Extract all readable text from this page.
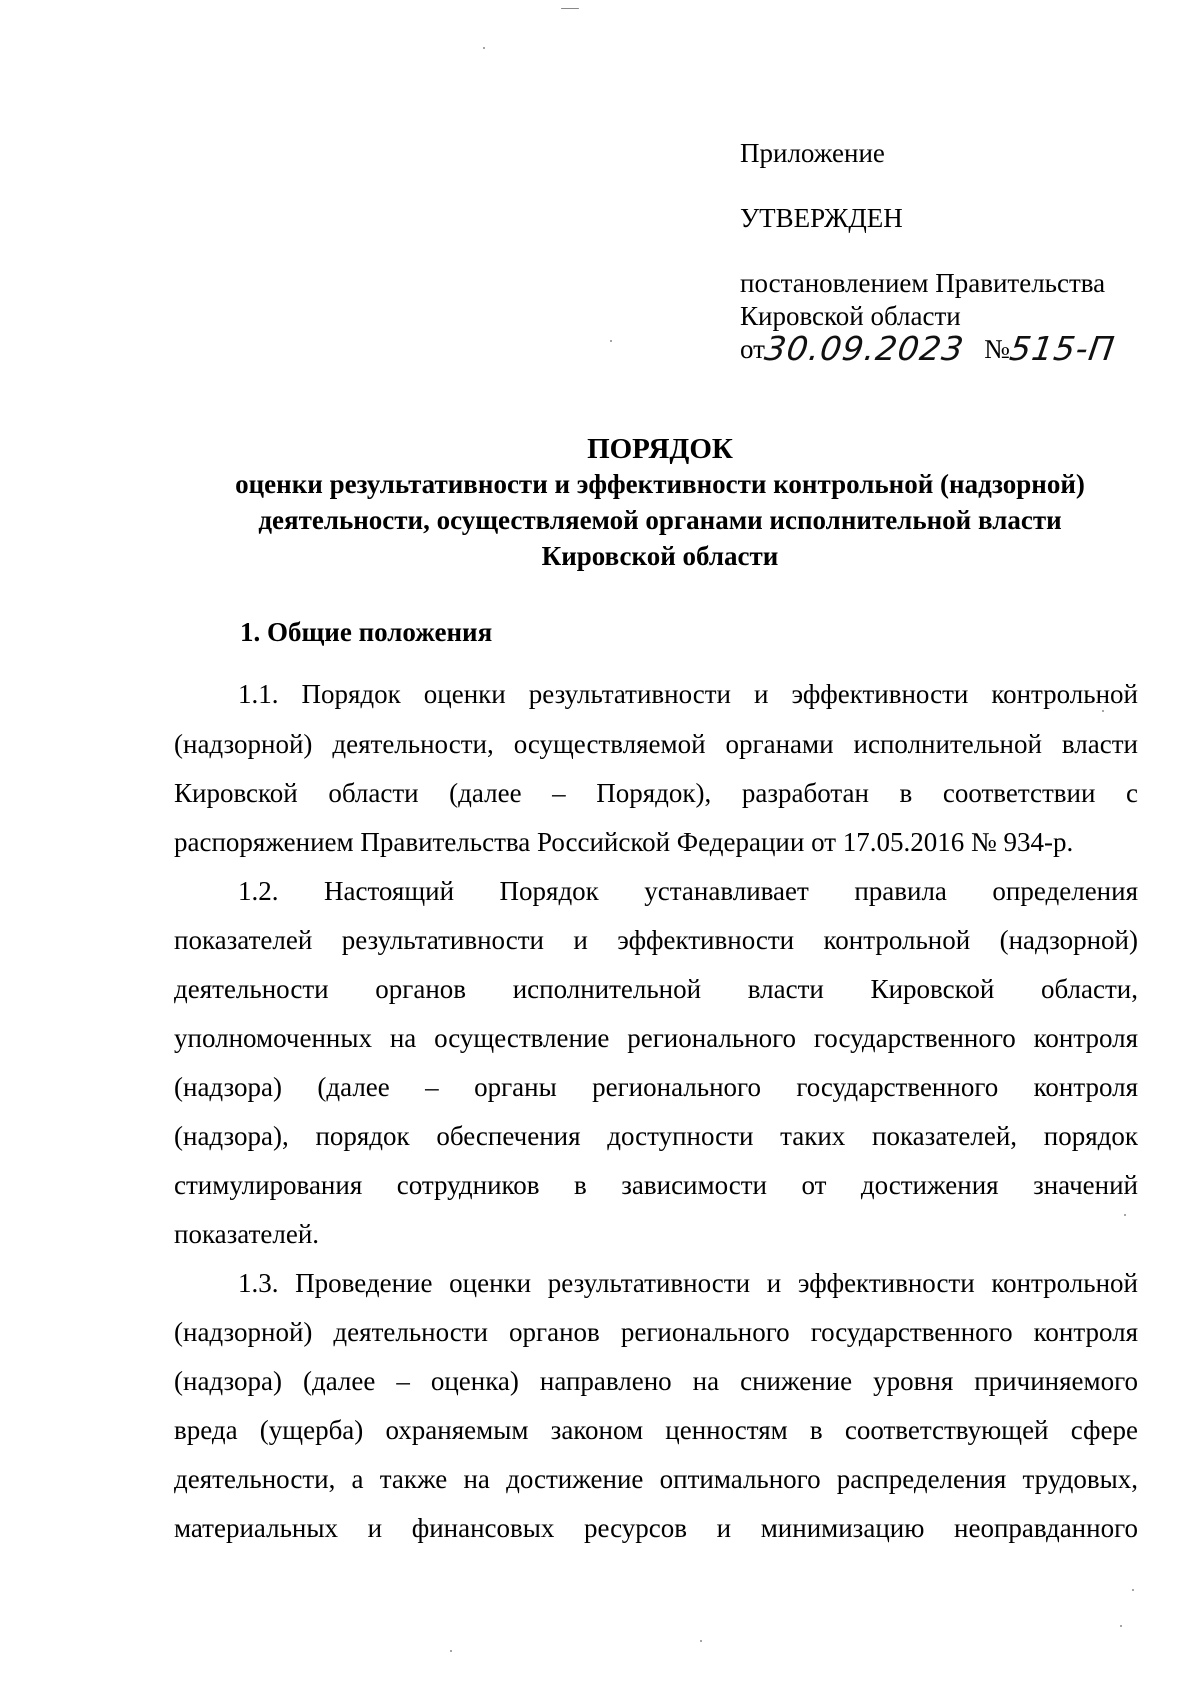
Приложение
УТВЕРЖДЕН
постановлением Правительства
Кировской области
от30.09.2023 №515-П
ПОРЯДОК
оценки результативности и эффективности контрольной (надзорной)
деятельности, осуществляемой органами исполнительной власти
Кировской области
1. Общие положения
1.1. Порядок оценки результативности и эффективности контрольной
(надзорной) деятельности, осуществляемой органами исполнительной власти
Кировской области (далее – Порядок), разработан в соответствии с
распоряжением Правительства Российской Федерации от 17.05.2016 № 934-р.
1.2. Настоящий Порядок устанавливает правила определения
показателей результативности и эффективности контрольной (надзорной)
деятельности органов исполнительной власти Кировской области,
уполномоченных на осуществление регионального государственного контроля
(надзора) (далее – органы регионального государственного контроля
(надзора), порядок обеспечения доступности таких показателей, порядок
стимулирования сотрудников в зависимости от достижения значений
показателей.
1.3. Проведение оценки результативности и эффективности контрольной
(надзорной) деятельности органов регионального государственного контроля
(надзора) (далее – оценка) направлено на снижение уровня причиняемого
вреда (ущерба) охраняемым законом ценностям в соответствующей сфере
деятельности, а также на достижение оптимального распределения трудовых,
материальных и финансовых ресурсов и минимизацию неоправданного
